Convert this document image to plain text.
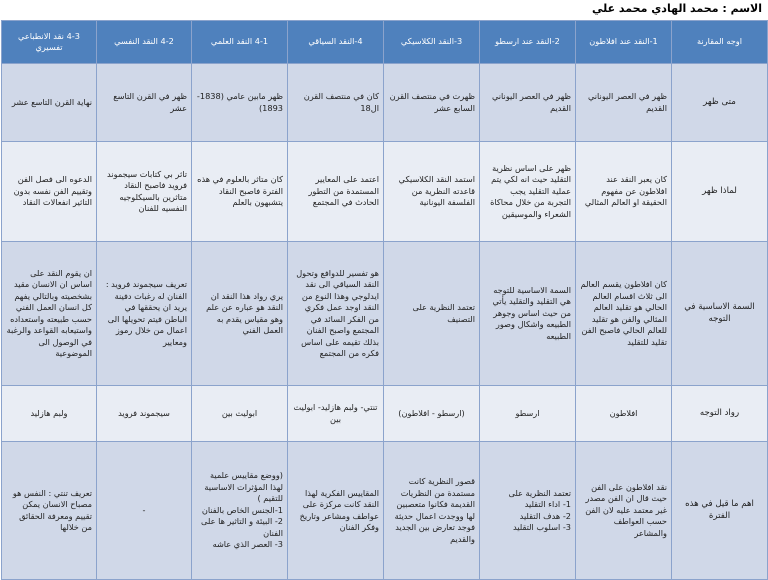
الاسم : محمد الهادي محمد علي
اوجه المقارنة	1-النقد عند افلاطون	2-النقد عند ارسطو	3-النقد الكلاسيكي	4-النقد السياقي	4-1 النقد العلمي	4-2 النقد النفسي	4-3 نقد الانطباعي تفسيري
متى ظهر	ظهر في العصر اليوناني القديم	ظهر في العصر اليوناني القديم	ظهرت في منتصف القرن السابع عشر	كان في منتصف القرن ال18	ظهر مابين عامي (1838-1893)	ظهر في القرن التاسع عشر	نهاية القرن التاسع عشر
لماذا ظهر	كان يعبر النقد عند افلاطون عن مفهوم الحقيقة او العالم المثالي	ظهر على اساس نظرية التقليد حيث انه لكي يتم عملية التقليد يجب التجربة من خلال محاكاة الشعراء والموسيقين	استمد النقد الكلاسيكي قاعدته النظرية من الفلسفة اليونانية	اعتمد على المعايير المستمدة من التطور الحادث في المجتمع	كان متاثر بالعلوم في هذه الفترة فاصبح النقاد يتشبهون بالعلم	تاثر بي كتابات سيجموند فرويد فاصبح النقاد متاثرين بالسيكلوجيه النفسيه للفنان	الدعوه الى فصل الفن وتقييم الفن نفسه بدون التاثير انفعالات النقاد
السمة الاساسية في التوجه	كان افلاطون يقسم العالم الى ثلاث اقسام العالم الحالي هو تقليد العالم المثالي والفن هو تقليد للعالم الحالي فاصبح الفن تقليد للتقليد	السمة الاساسية للتوجه هي التقليد والتقليد يأتي من حيث اساس وجوهر الطبيعه واشكال وصور الطبيعه	تعتمد النظرية على التصنيف	هو تفسير للدوافع وتحول النقد السياقي الى نقد ايدلوجي وهذا النوع من النقد اوجد عمل فكري من الفكر السائد في المجتمع واصبح الفنان بذلك تقيمه على اساس فكره من المجتمع	يري رواد هذا النقد ان النقد هو عباره عن علم وهو مقياس يقدم به العمل الفني	تعريف سيجموند فرويد : الفنان له رغبات دفينة يريد ان يحققها في الباطن فيتم تحويلها الى اعمال من خلال رموز ومعايير	ان يقوم النقد على اساس ان الانسان مقيد بشخصيته وبالتالي يفهم كل انسان العمل الفني حسب طبيعته واستعداده واستيعابه القواعد والرغبة في الوصول الى الموضوعية
رواد التوجه	افلاطون	ارسطو	(ارسطو - افلاطون)	تنتي- ولبم هازليد- ابوليث بين	ابوليث بين	سيجموند فرويد	ولبم هازليد
اهم ما قيل في هذه الفترة	نقد افلاطون على الفن حيث قال ان الفن مصدر غير معتمد عليه لان الفن حسب العواطف والمشاعر	تعتمد النظرية على
1- اداء التقليد
2- هدف التقليد
3- اسلوب التقليد	قصور النظرية كانت مستمدة من النظريات القديمة فكانوا متعصبين لها ووجدت اعمال حديثة فوجد تعارض بين الجديد والقديم	المقاييس الفكرية لهذا النقد كانت مركزة على عواطف ومشاعر وتاريخ وفكر الفنان	(ووضع مقاييس علمية لهذا المؤثرات الاساسية للتقيم )
1-الجنس الخاص بالفنان
2- البيئة و التاثير ها على الفنان
3- العصر الذي عاشه	-	تعريف تنتي : النفس هو مصباح الانسان يمكن تقييم ومعرفة الحقائق من خلالها
